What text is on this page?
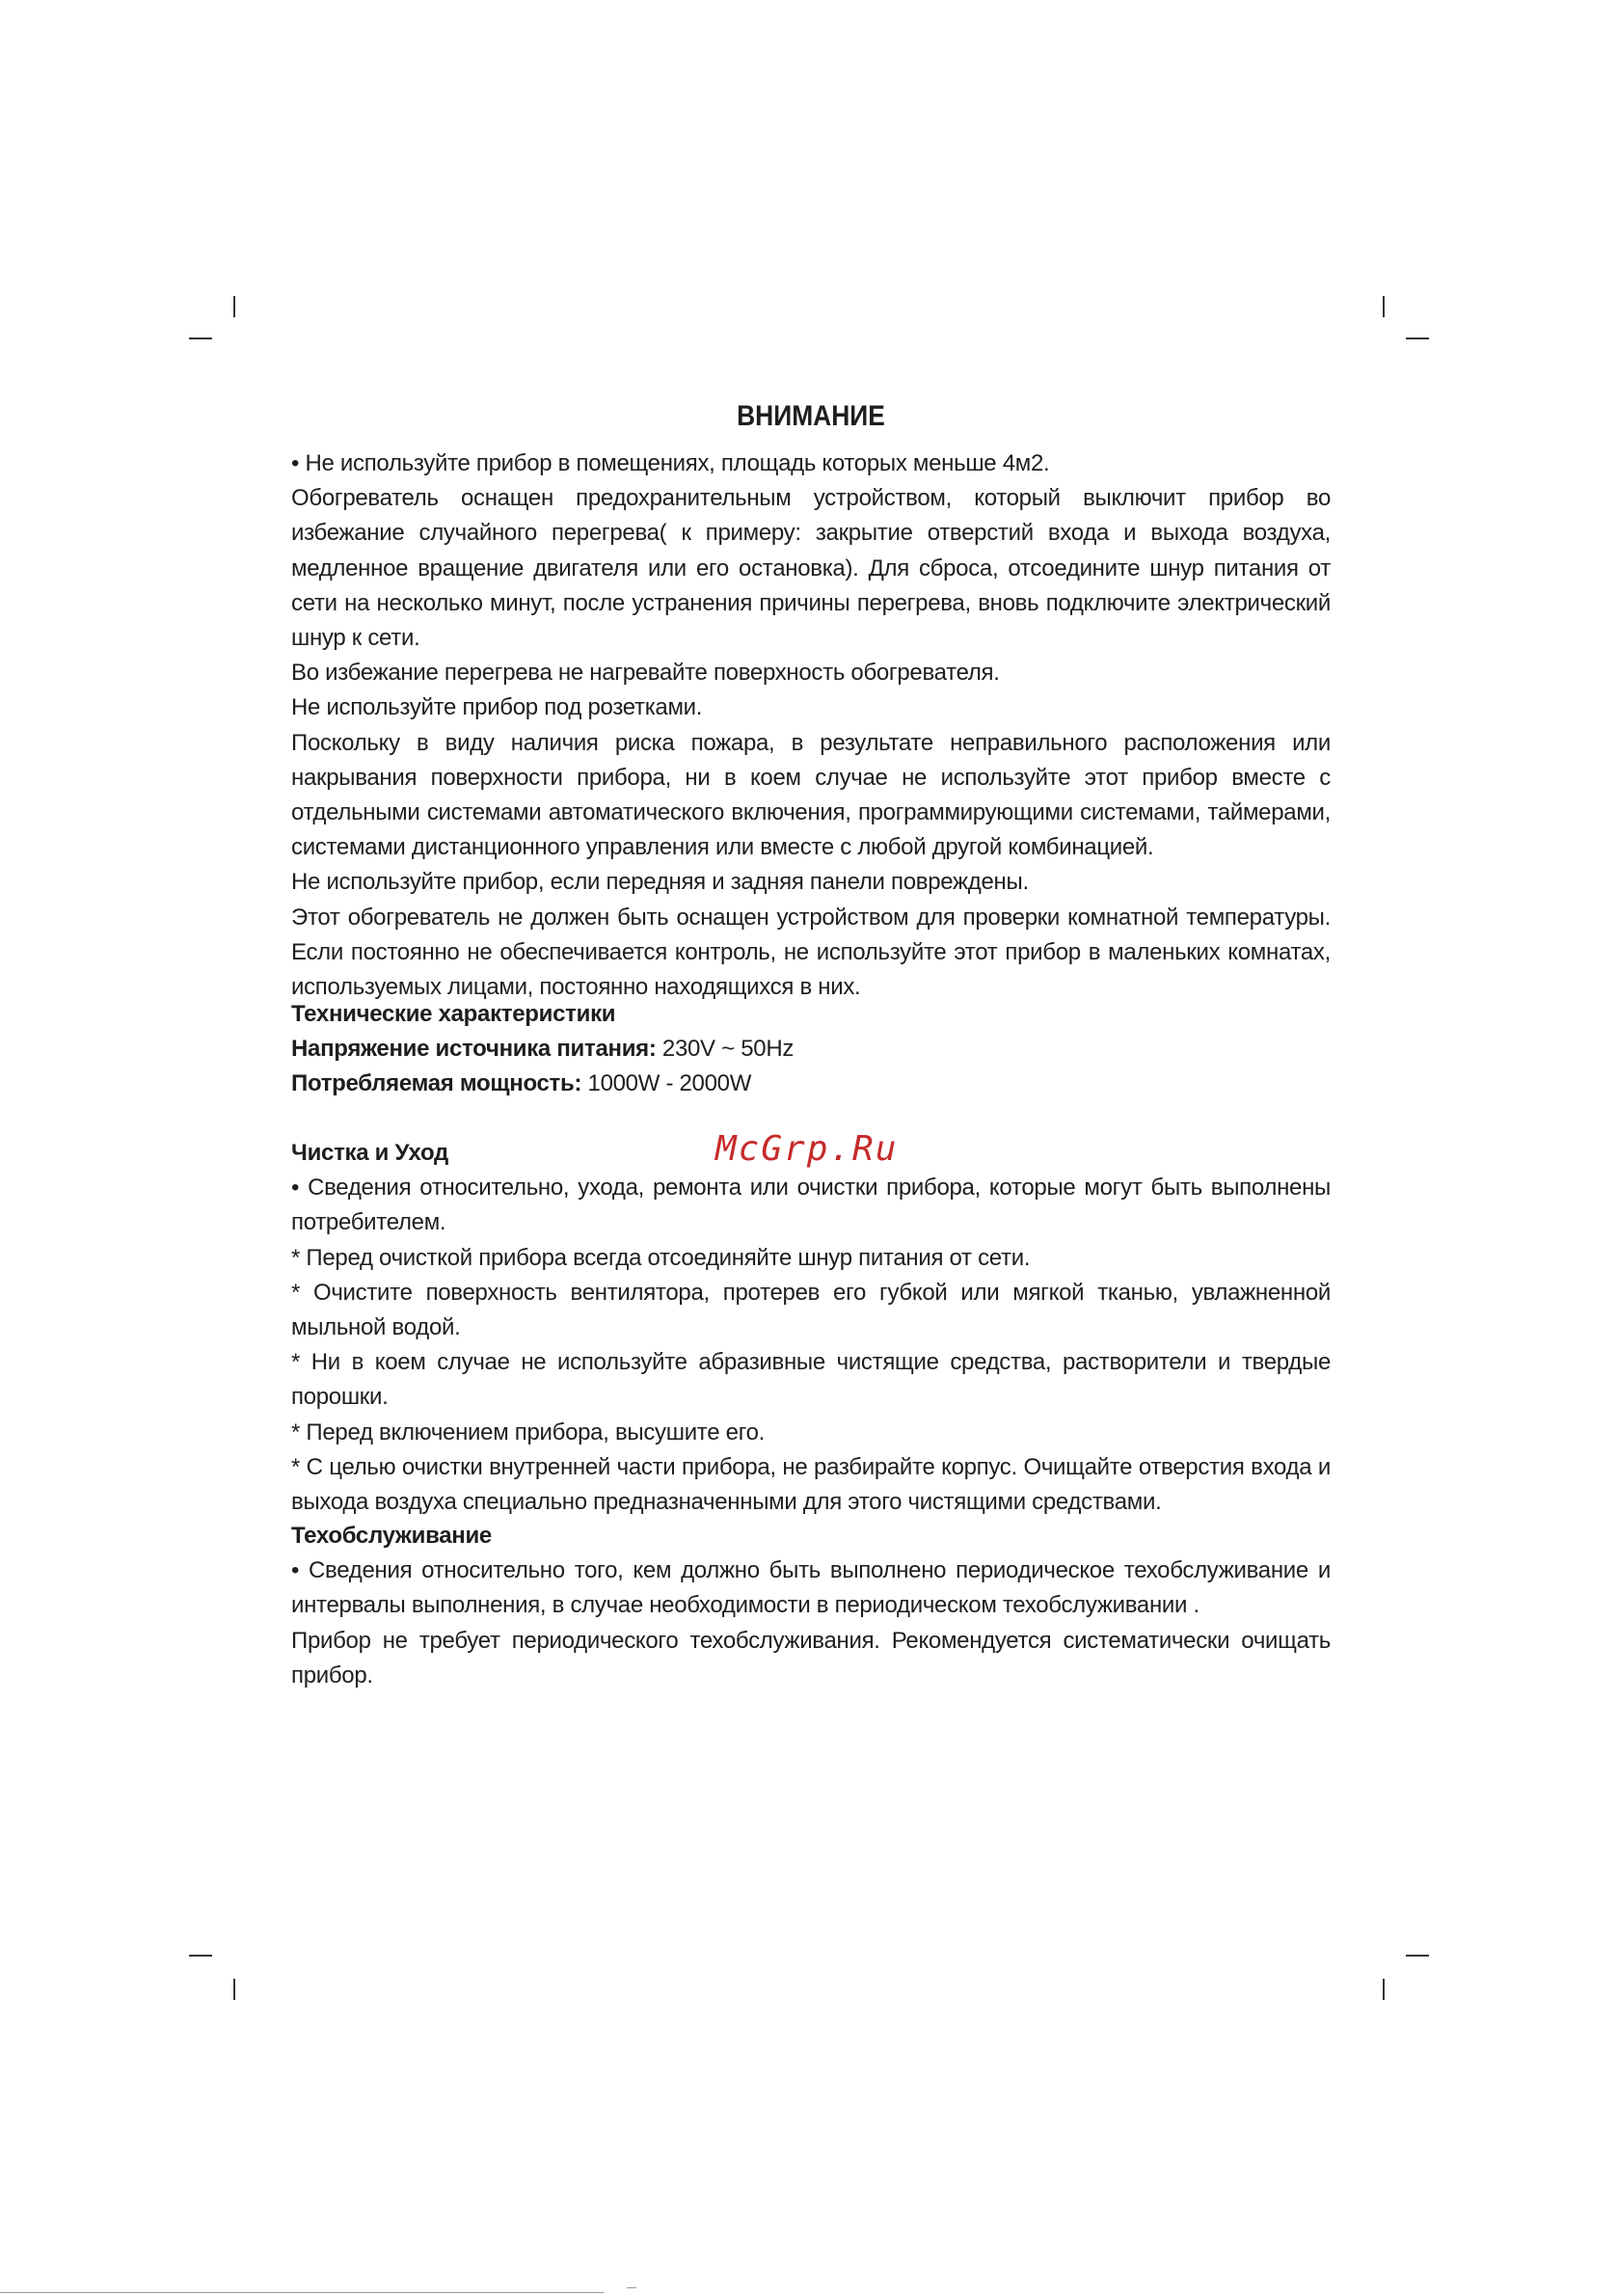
ВНИМАНИЕ

• Не используйте прибор в помещениях, площадь которых меньше 4м2.

Обогреватель оснащен предохранительным устройством, который выключит прибор во избежание случайного перегрева( к примеру: закрытие отверстий входа и выхода воздуха, медленное вращение двигателя или его остановка). Для сброса, отсоедините шнур питания от сети на несколько минут, после устранения причины перегрева, вновь подключите электрический шнур к сети.

Во избежание перегрева не нагревайте поверхность обогревателя.

Не используйте прибор под розетками.

Поскольку в виду наличия риска пожара, в результате неправильного расположения или накрывания поверхности прибора, ни в коем случае не используйте этот прибор вместе с отдельными системами автоматического включения, программирующими системами, таймерами, системами дистанционного управления или вместе с любой другой комбинацией.

Не используйте прибор, если передняя и задняя панели повреждены.

Этот обогреватель не должен быть оснащен устройством для проверки комнатной температуры. Если постоянно не обеспечивается контроль, не используйте этот прибор в маленьких комнатах, используемых лицами, постоянно находящихся в них.

Технические характеристики

Напряжение источника питания: 230V ~ 50Hz

Потребляемая мощность: 1000W - 2000W

Чистка и Уход

• Сведения относительно, ухода, ремонта или очистки прибора, которые могут быть выполнены потребителем.

* Перед очисткой прибора всегда отсоединяйте шнур питания от сети.

* Очистите поверхность вентилятора, протерев его губкой или мягкой тканью, увлажненной мыльной водой.

* Ни в коем случае не используйте абразивные чистящие средства, растворители и твердые порошки.

* Перед включением прибора, высушите его.

* С целью очистки внутренней части прибора, не разбирайте корпус. Очищайте отверстия входа и выхода воздуха специально предназначенными для этого чистящими средствами.

Техобслуживание

• Сведения относительно того, кем должно быть выполнено периодическое техобслуживание и интервалы выполнения, в случае необходимости в периодическом техобслуживании .

Прибор не требует периодического техобслуживания. Рекомендуется систематически очищать прибор.

McGrp.Ru
